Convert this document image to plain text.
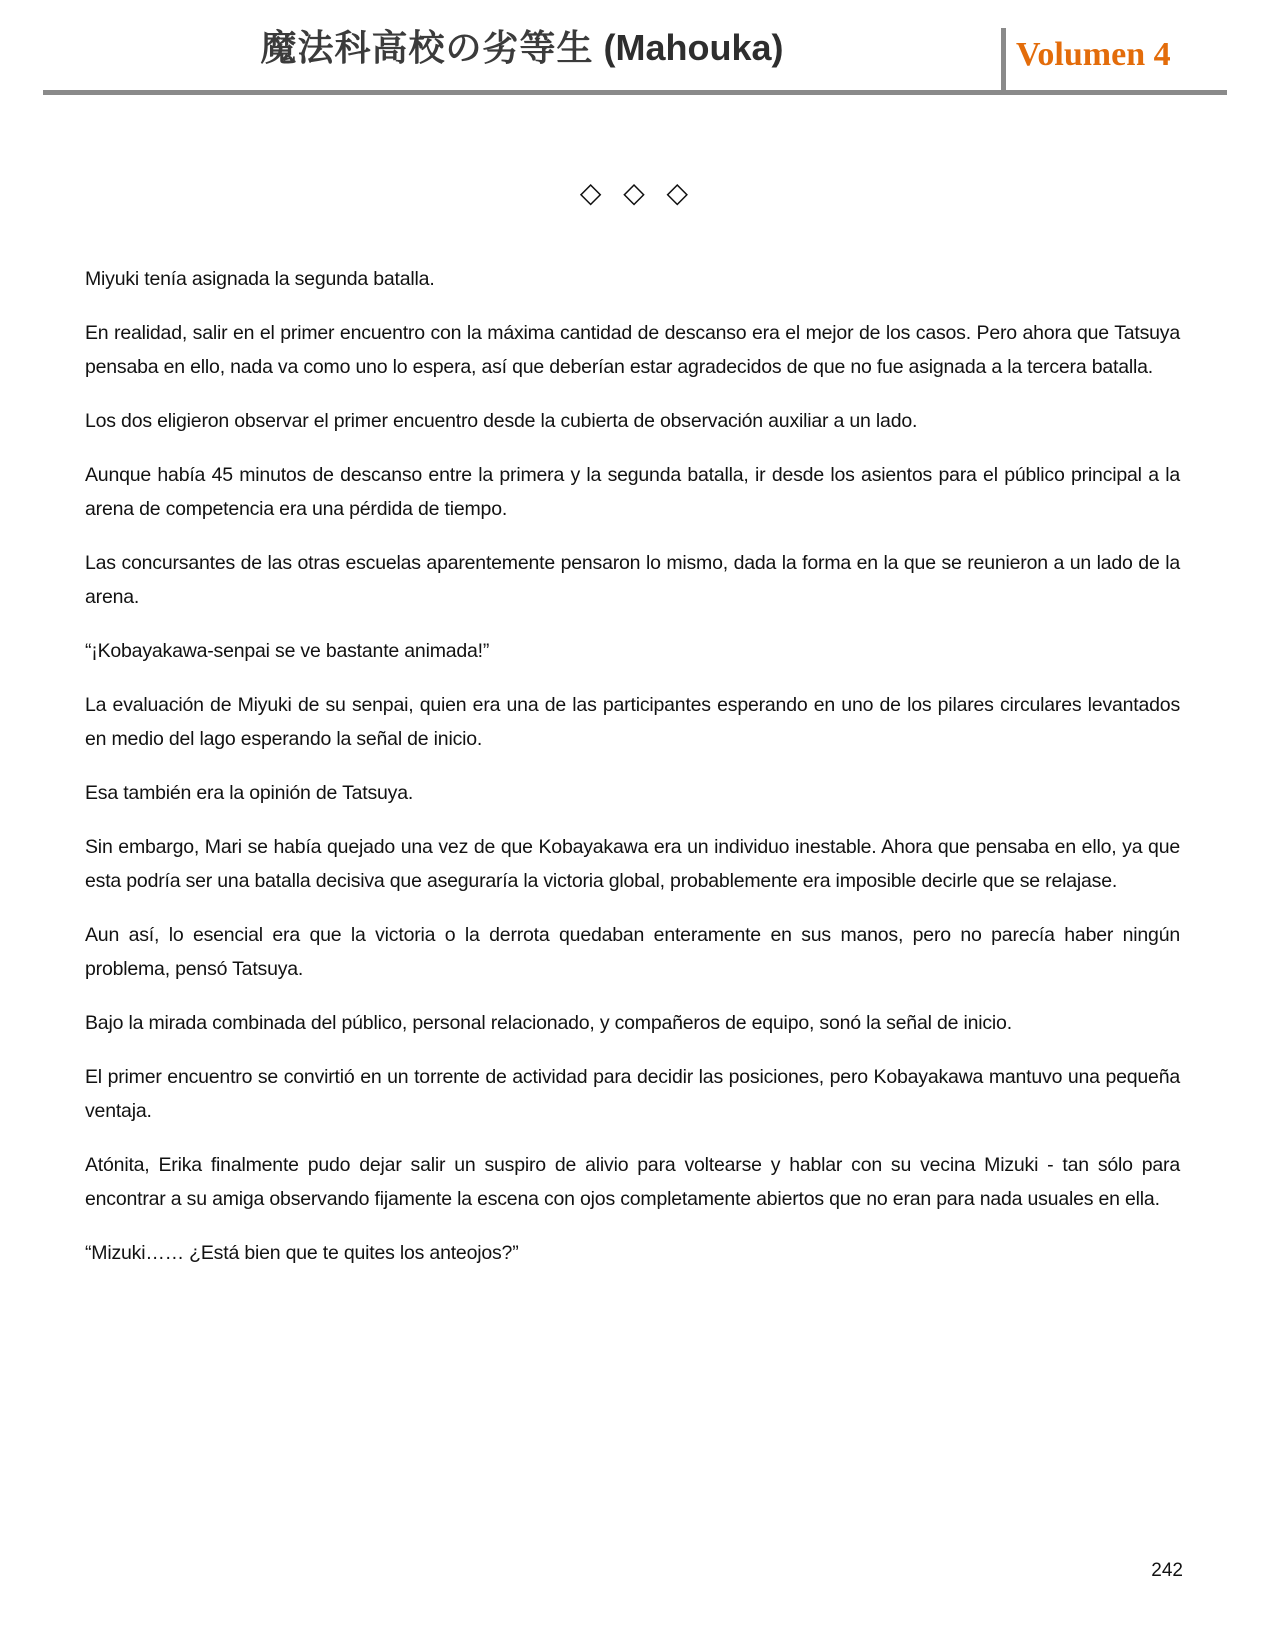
魔法科高校の劣等生 (Mahouka)	Volumen 4
◇ ◇ ◇

Miyuki tenía asignada la segunda batalla.

En realidad, salir en el primer encuentro con la máxima cantidad de descanso era el mejor de los casos. Pero ahora que Tatsuya pensaba en ello, nada va como uno lo espera, así que deberían estar agradecidos de que no fue asignada a la tercera batalla.

Los dos eligieron observar el primer encuentro desde la cubierta de observación auxiliar a un lado.

Aunque había 45 minutos de descanso entre la primera y la segunda batalla, ir desde los asientos para el público principal a la arena de competencia era una pérdida de tiempo.

Las concursantes de las otras escuelas aparentemente pensaron lo mismo, dada la forma en la que se reunieron a un lado de la arena.

“¡Kobayakawa-senpai se ve bastante animada!”

La evaluación de Miyuki de su senpai, quien era una de las participantes esperando en uno de los pilares circulares levantados en medio del lago esperando la señal de inicio.

Esa también era la opinión de Tatsuya.

Sin embargo, Mari se había quejado una vez de que Kobayakawa era un individuo inestable. Ahora que pensaba en ello, ya que esta podría ser una batalla decisiva que aseguraría la victoria global, probablemente era imposible decirle que se relajase.

Aun así, lo esencial era que la victoria o la derrota quedaban enteramente en sus manos, pero no parecía haber ningún problema, pensó Tatsuya.

Bajo la mirada combinada del público, personal relacionado, y compañeros de equipo, sonó la señal de inicio.

El primer encuentro se convirtió en un torrente de actividad para decidir las posiciones, pero Kobayakawa mantuvo una pequeña ventaja.

Atónita, Erika finalmente pudo dejar salir un suspiro de alivio para voltearse y hablar con su vecina Mizuki - tan sólo para encontrar a su amiga observando fijamente la escena con ojos completamente abiertos que no eran para nada usuales en ella.

“Mizuki…… ¿Está bien que te quites los anteojos?”

242
